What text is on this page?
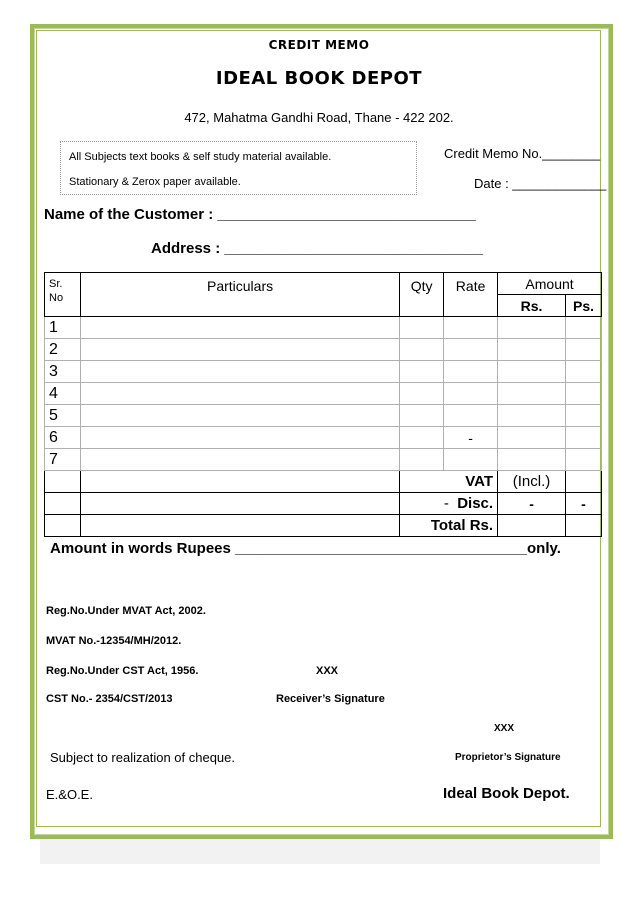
CREDIT MEMO
IDEAL BOOK DEPOT
472, Mahatma Gandhi Road, Thane - 422 202.
All Subjects text books & self study material available.
Stationary & Zerox paper available.
Credit Memo No.________
Date : _____________
Name of the Customer : _______________________________
Address : _______________________________
Sr.
No	Particulars	Qty	Rate	Amount	
				Rs.	Ps.
1					
2					
3					
4					
5					
6			-		
7					
		VAT		(Incl.)	
		- Disc.		-	-
		Total Rs.			
Amount in words Rupees ___________________________________only.
Reg.No.Under MVAT Act, 2002.
MVAT No.-12354/MH/2012.
Reg.No.Under CST Act, 1956.	XXX
CST No.- 2354/CST/2013	Receiver’s Signature
XXX
Subject to realization of cheque.	Proprietor’s Signature
E.&O.E.	Ideal Book Depot.
